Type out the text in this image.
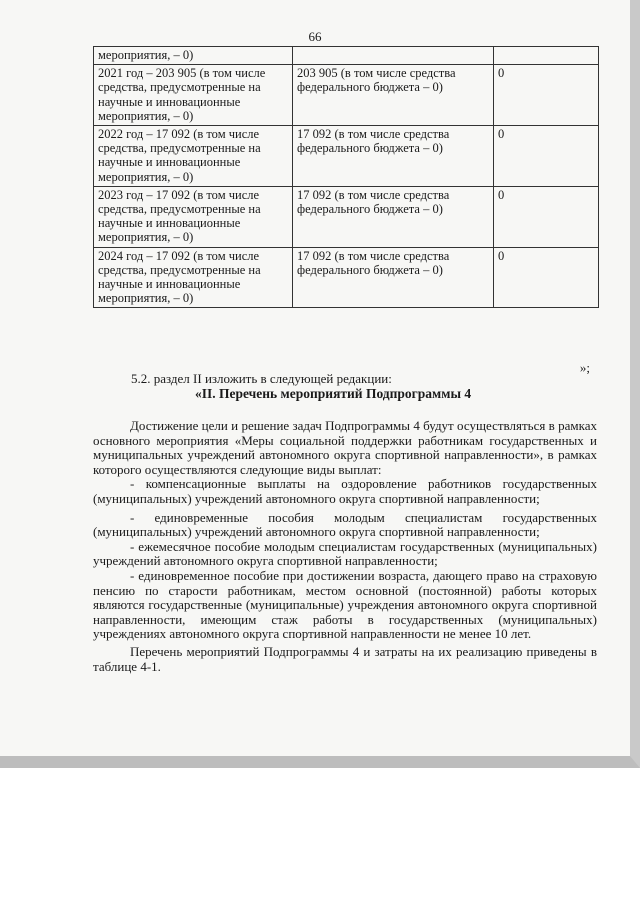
66
мероприятия, – 0)		
2021 год – 203 905 (в том числе средства, предусмотренные на научные и инновационные мероприятия, – 0)	203 905 (в том числе средства федерального бюджета – 0)	0
2022 год – 17 092 (в том числе средства, предусмотренные на научные и инновационные мероприятия, – 0)	17 092 (в том числе средства федерального бюджета – 0)	0
2023 год – 17 092 (в том числе средства, предусмотренные на научные и инновационные мероприятия, – 0)	17 092 (в том числе средства федерального бюджета – 0)	0
2024 год – 17 092 (в том числе средства, предусмотренные на научные и инновационные мероприятия, – 0)	17 092 (в том числе средства федерального бюджета – 0)	0
»;
5.2. раздел II изложить в следующей редакции:
«II. Перечень мероприятий Подпрограммы 4

Достижение цели и решение задач Подпрограммы 4 будут осуществляться в рамках основного мероприятия «Меры социальной поддержки работникам государственных и муниципальных учреждений автономного округа спортивной направленности», в рамках которого осуществляются следующие виды выплат:

- компенсационные выплаты на оздоровление работников государственных (муниципальных) учреждений автономного округа спортивной направленности;

- единовременные пособия молодым специалистам государственных (муниципальных) учреждений автономного округа спортивной направленности;

- ежемесячное пособие молодым специалистам государственных (муниципальных) учреждений автономного округа спортивной направленности;

- единовременное пособие при достижении возраста, дающего право на страховую пенсию по старости работникам, местом основной (постоянной) работы которых являются государственные (муниципальные) учреждения автономного округа спортивной направленности, имеющим стаж работы в государственных (муниципальных) учреждениях автономного округа спортивной направленности не менее 10 лет.

Перечень мероприятий Подпрограммы 4 и затраты на их реализацию приведены в таблице 4-1.
